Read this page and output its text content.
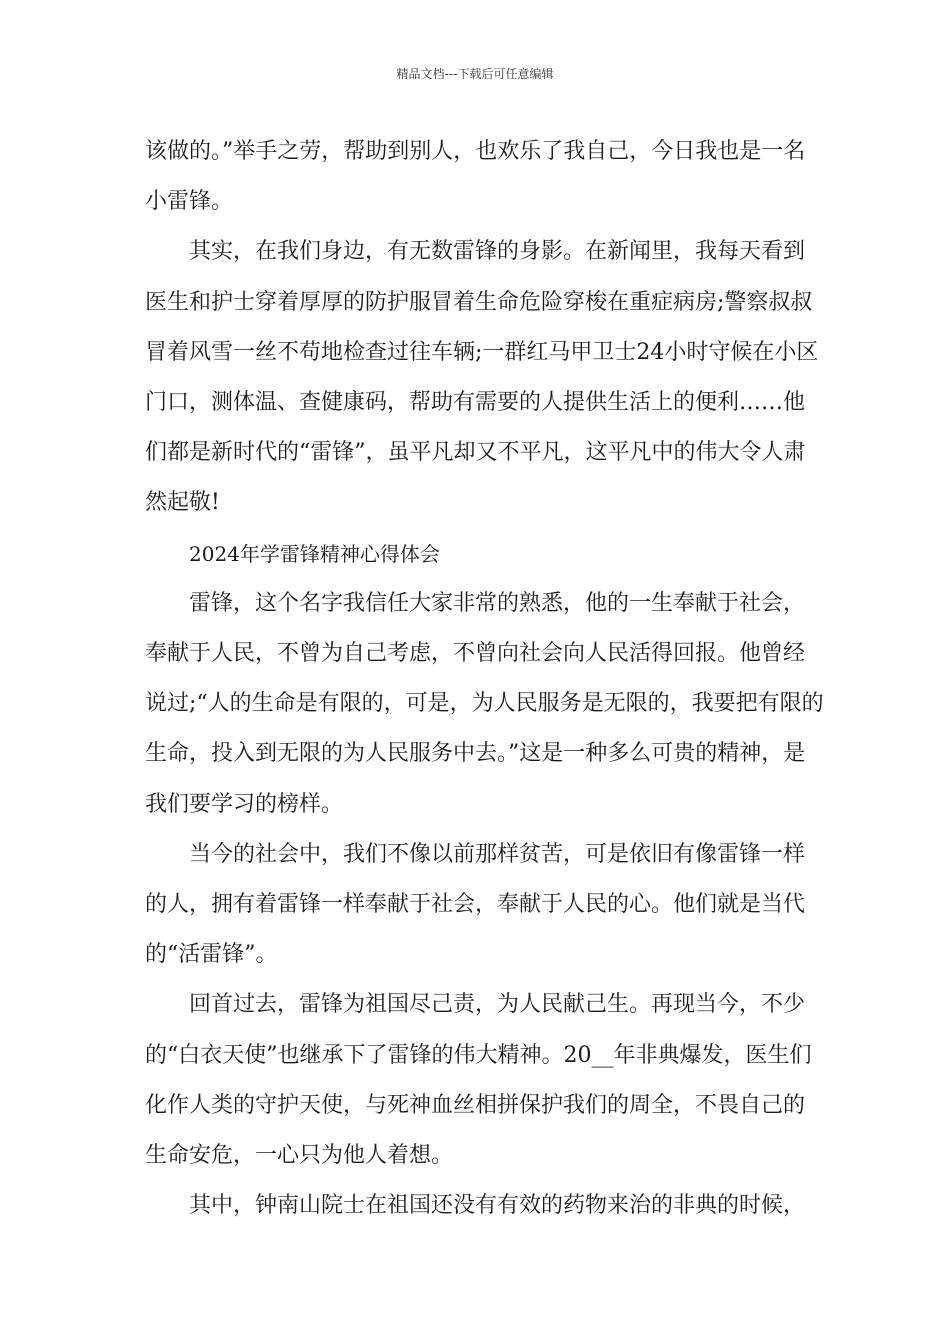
精品文档---下载后可任意编辑

该做的。”举手之劳，帮助到别人，也欢乐了我自己，今日我也是一名小雷锋。

其实，在我们身边，有无数雷锋的身影。在新闻里，我每天看到医生和护士穿着厚厚的防护服冒着生命危险穿梭在重症病房;警察叔叔冒着风雪一丝不苟地检查过往车辆;一群红马甲卫士24小时守候在小区门口，测体温、查健康码，帮助有需要的人提供生活上的便利……他们都是新时代的“雷锋”，虽平凡却又不平凡，这平凡中的伟大令人肃然起敬!

2024年学雷锋精神心得体会

雷锋，这个名字我信任大家非常的熟悉，他的一生奉献于社会，奉献于人民，不曾为自己考虑，不曾向社会向人民活得回报。他曾经说过;“人的生命是有限的，可是，为人民服务是无限的，我要把有限的生命，投入到无限的为人民服务中去。”这是一种多么可贵的精神，是我们要学习的榜样。

当今的社会中，我们不像以前那样贫苦，可是依旧有像雷锋一样的人，拥有着雷锋一样奉献于社会，奉献于人民的心。他们就是当代的“活雷锋”。

回首过去，雷锋为祖国尽己责，为人民献己生。再现当今，不少的“白衣天使”也继承下了雷锋的伟大精神。20__年非典爆发，医生们化作人类的守护天使，与死神血丝相拼保护我们的周全，不畏自己的生命安危，一心只为他人着想。

其中，钟南山院士在祖国还没有有效的药物来治的非典的时候，
